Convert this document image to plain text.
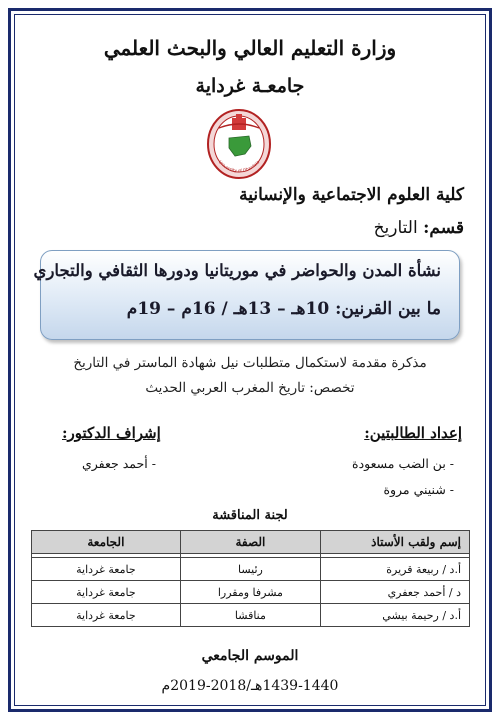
وزارة التعليم العالي والبحث العلمي
جامعـة غرداية
University of Ghardaia
كلية العلوم الاجتماعية والإنسانية
قسم: التاريخ
نشأة المدن والحواضر في موريتانيا ودورها الثقافي والتجاري
ما بين القرنين: 10هـ – 13هـ / 16م – 19م
مذكرة مقدمة لاستكمال متطلبات نيل شهادة الماستر في التاريخ
تخصص: تاريخ المغرب العربي الحديث
إعداد الطالبتين:
- بن الضب مسعودة
- شنيني مروة
إشراف الدكتور:
- أحمد جعفري
لجنة المناقشة
إسم ولقب الأستاذ	الصفة	الجامعة

أ.د / ربيعة قريرة	رئيسا	جامعة غرداية
د / أحمد جعفري	مشرفا ومقررا	جامعة غرداية
أ.د / رحيمة بيشي	مناقشا	جامعة غرداية
الموسم الجامعي
1439-1440هـ/2018-2019م
